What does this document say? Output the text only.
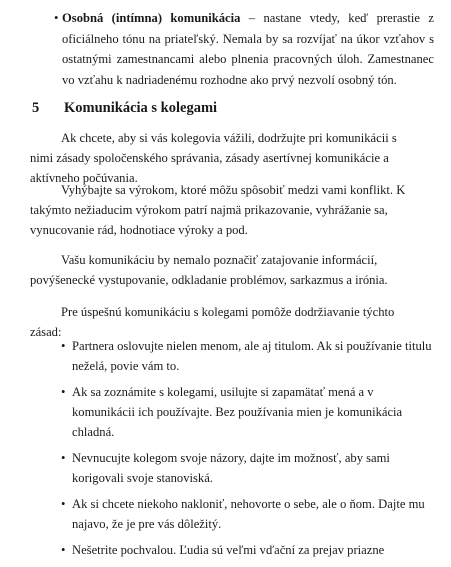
• Osobná (intímna) komunikácia – nastane vtedy, keď prerastie z oficiálneho tónu na priateľský. Nemala by sa rozvíjať na úkor vzťahov s ostatnými zamestnancami alebo plnenia pracovných úloh. Zamestnanec vo vzťahu k nadriadenému rozhodne ako prvý nezvolí osobný tón.
5 Komunikácia s kolegami
Ak chcete, aby si vás kolegovia vážili, dodržujte pri komunikácii s nimi zásady spoločenského správania, zásady asertívnej komunikácie a aktívneho počúvania.
Vyhýbajte sa výrokom, ktoré môžu spôsobiť medzi vami konflikt. K takýmto nežiaducim výrokom patrí najmä prikazovanie, vyhrážanie sa, vynucovanie rád, hodnotiace výroky a pod.
Vašu komunikáciu by nemalo poznačiť zatajovanie informácií, povýšenecké vystupovanie, odkladanie problémov, sarkazmus a irónia.
Pre úspešnú komunikáciu s kolegami pomôže dodržiavanie týchto zásad:
• Partnera oslovujte nielen menom, ale aj titulom. Ak si používanie titulu neželá, povie vám to.
• Ak sa zoznámite s kolegami, usilujte si zapamätať mená a v komunikácii ich používajte. Bez používania mien je komunikácia chladná.
• Nevnucujte kolegom svoje názory, dajte im možnosť, aby sami korigovali svoje stanoviská.
• Ak si chcete niekoho nakloniť, nehovorte o sebe, ale o ňom. Dajte mu najavo, že je pre vás dôležitý.
• Nešetrite pochvalou. Ľudia sú veľmi vďační za prejav priazne
